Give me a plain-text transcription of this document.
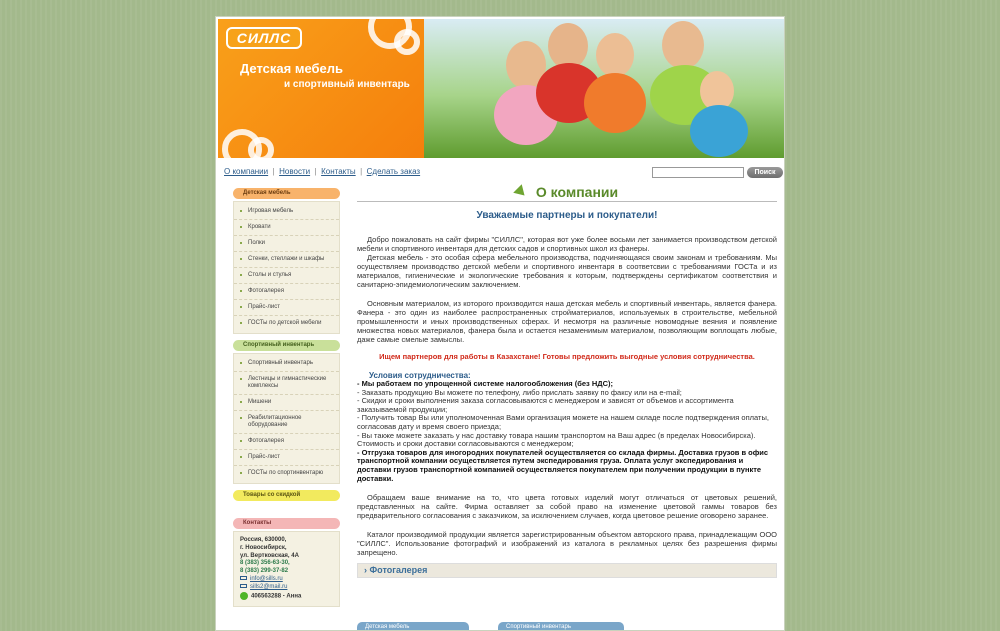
СИЛЛС
Детская мебель
и спортивный инвентарь
О компании  |  Новости  |  Контакты  |  Сделать заказ	Поиск
Детская мебель
Игровая мебель
Кровати
Полки
Стенки, стеллажи и шкафы
Столы и стулья
Фотогалерея
Прайс-лист
ГОСТы по детской мебели
Спортивный инвентарь
Спортивный инвентарь
Лестницы и гимнастические комплексы
Мишени
Реабилитационное оборудование
Фотогалерея
Прайс-лист
ГОСТы по спортинвентарю
Товары со скидкой
Контакты
Россия, 630000,
г. Новосибирск,
ул. Вертковская, 4А
8 (383) 356-63-30,
8 (383) 299-37-82
info@sills.ru
sills2@mail.ru
406563288 - Анна
О компании
Уважаемые партнеры и покупатели!

Добро пожаловать на сайт фирмы "СИЛЛС", которая вот уже более восьми лет занимается производством детской мебели и спортивного инвентаря для детских садов и спортивных школ из фанеры.

Детская мебель - это особая сфера мебельного производства, подчиняющаяся своим законам и требованиям. Мы осуществляем производство детской мебели и спортивного инвентаря в соответсвии с требованиями ГОСТа и из материалов, гигиенические и экологические требования к которым, подтверждены сертификатом соответствия и санитарно-эпидемиологическим заключением.

Основным материалом, из которого производится наша детская мебель и спортивный инвентарь, является фанера. Фанера - это один из наиболее распространенных стройматериалов, используемых в строительстве, мебельной промышленности и иных производственных сферах. И несмотря на различные новомодные веяния и появление множества новых материалов, фанера была и остается незаменимым материалом, позволяющим воплощать любые, даже самые смелые замыслы.

Ищем партнеров для работы в Казахстане! Готовы предложить выгодные условия сотрудничества.
Условия сотрудничества:
- Мы работаем по упрощенной системе налогообложения (без НДС);
- Заказать продукцию Вы можете по телефону, либо прислать заявку по факсу или на e-mail;
- Скидки и сроки выполнения заказа согласовываются с менеджером и зависят от объемов и ассортимента заказываемой продукции;
- Получить товар Вы или уполномоченная Вами организация можете на нашем складе после подтверждения оплаты, согласовав дату и время своего приезда;
- Вы также можете заказать у нас доставку товара нашим транспортом на Ваш адрес (в пределах Новосибирска). Стоимость и сроки доставки согласовываются с менеджером;
- Отгрузка товаров для иногородних покупателей осуществляется со склада фирмы. Доставка грузов в офис транспортной компании осуществляется путем экспедирования груза. Оплата услуг экспедирования и доставки грузов транспортной компанией осуществляется покупателем при получении продукции в пункте доставки.

Обращаем ваше внимание на то, что цвета готовых изделий могут отличаться от цветовых решений, представленных на сайте. Фирма оставляет за собой право на изменение цветовой гаммы товаров без предварительного согласования с заказчиком, за исключением случаев, когда цветовое решение оговорено заранее.

Каталог производимой продукции является зарегистрированным объектом авторского права, принадлежащим ООО "СИЛЛС". Использование фотографий и изображений из каталога в рекламных целях без разрешения фирмы запрещено.

› Фотогалерея
Детская мебель	Спортивный инвентарь
